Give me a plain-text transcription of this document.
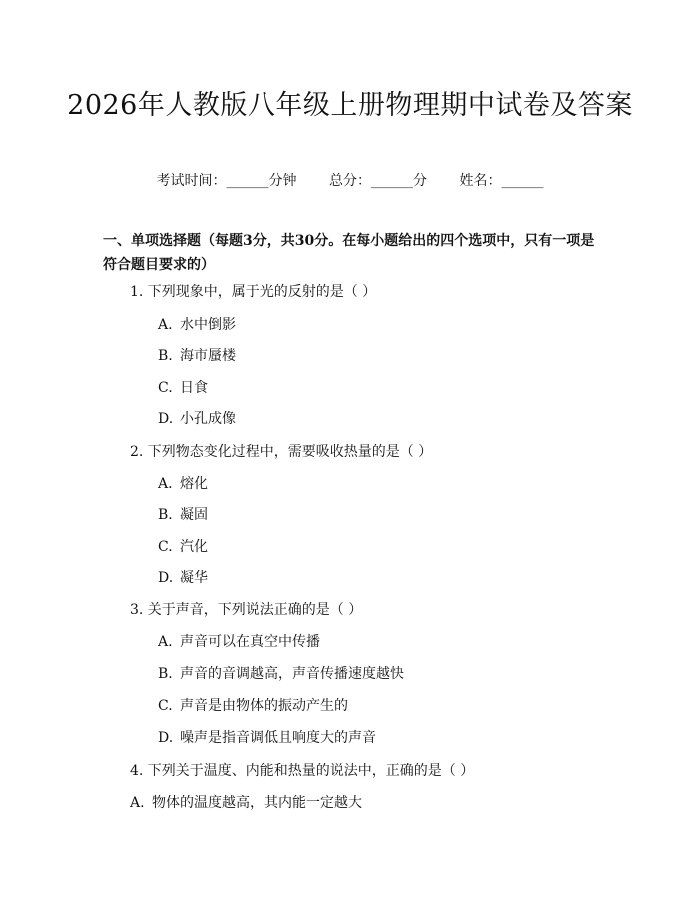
2026年人教版八年级上册物理期中试卷及答案
考试时间：______分钟 总分：______分 姓名：______
一、单项选择题（每题3分，共30分。在每小题给出的四个选项中，只有一项是符合题目要求的）
1. 下列现象中，属于光的反射的是（ ）
A. 水中倒影
B. 海市蜃楼
C. 日食
D. 小孔成像
2. 下列物态变化过程中，需要吸收热量的是（ ）
A. 熔化
B. 凝固
C. 汽化
D. 凝华
3. 关于声音，下列说法正确的是（ ）
A. 声音可以在真空中传播
B. 声音的音调越高，声音传播速度越快
C. 声音是由物体的振动产生的
D. 噪声是指音调低且响度大的声音
4. 下列关于温度、内能和热量的说法中，正确的是（ ）
A. 物体的温度越高，其内能一定越大
